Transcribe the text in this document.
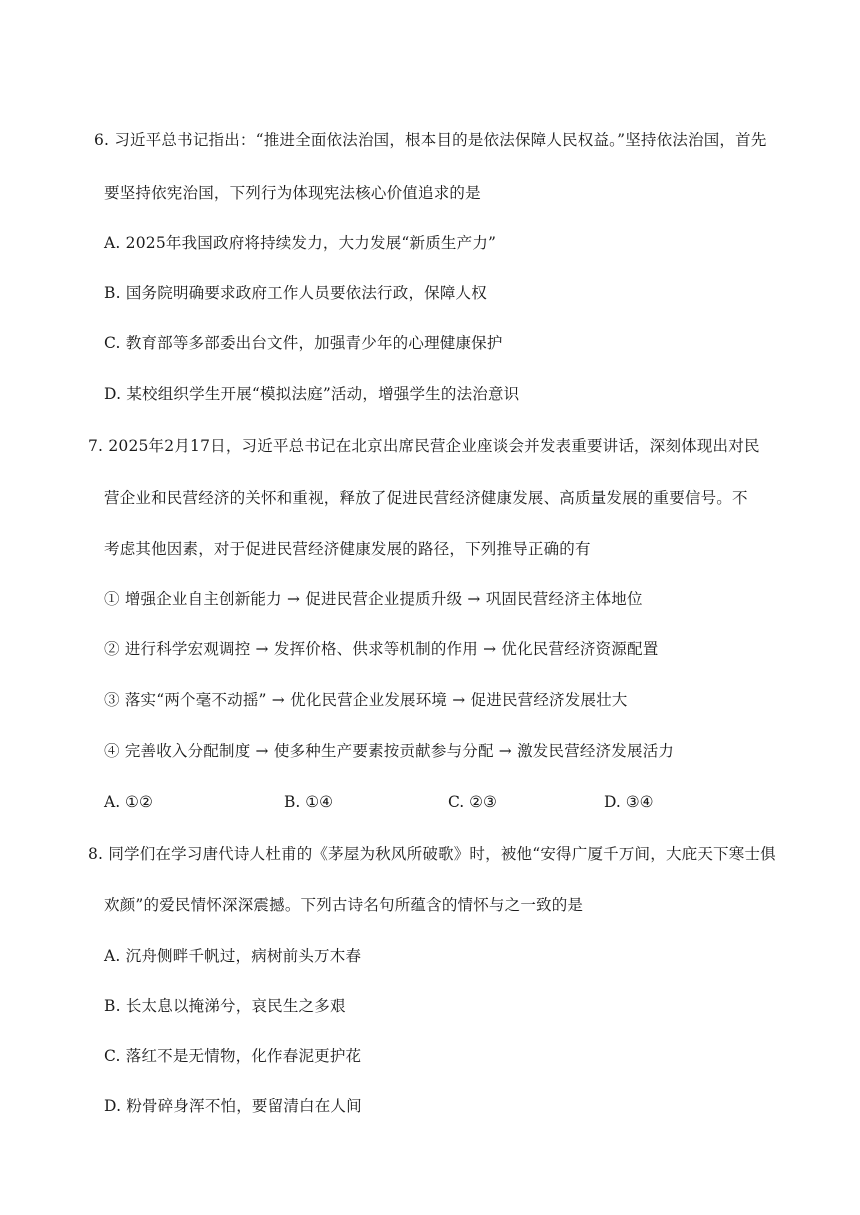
6. 习近平总书记指出：“推进全面依法治国，根本目的是依法保障人民权益。”坚持依法治国，首先
要坚持依宪治国，下列行为体现宪法核心价值追求的是
A. 2025年我国政府将持续发力，大力发展“新质生产力”
B. 国务院明确要求政府工作人员要依法行政，保障人权
C. 教育部等多部委出台文件，加强青少年的心理健康保护
D. 某校组织学生开展“模拟法庭”活动，增强学生的法治意识
7. 2025年2月17日，习近平总书记在北京出席民营企业座谈会并发表重要讲话，深刻体现出对民
营企业和民营经济的关怀和重视，释放了促进民营经济健康发展、高质量发展的重要信号。不
考虑其他因素，对于促进民营经济健康发展的路径，下列推导正确的有
① 增强企业自主创新能力 → 促进民营企业提质升级 → 巩固民营经济主体地位
② 进行科学宏观调控 → 发挥价格、供求等机制的作用 → 优化民营经济资源配置
③ 落实“两个毫不动摇” → 优化民营企业发展环境 → 促进民营经济发展壮大
④ 完善收入分配制度 → 使多种生产要素按贡献参与分配 → 激发民营经济发展活力
A. ①②	B. ①④	C. ②③	D. ③④
8. 同学们在学习唐代诗人杜甫的《茅屋为秋风所破歌》时，被他“安得广厦千万间，大庇天下寒士俱
欢颜”的爱民情怀深深震撼。下列古诗名句所蕴含的情怀与之一致的是
A. 沉舟侧畔千帆过，病树前头万木春
B. 长太息以掩涕兮，哀民生之多艰
C. 落红不是无情物，化作春泥更护花
D. 粉骨碎身浑不怕，要留清白在人间
